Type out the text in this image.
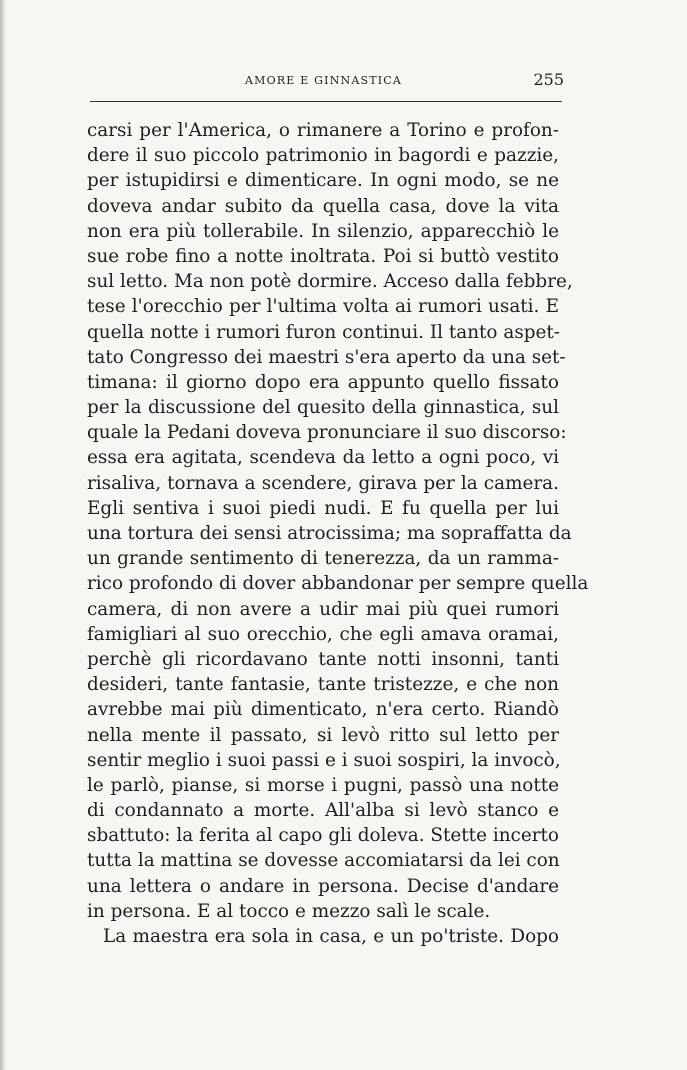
AMORE E GINNASTICA	255
carsi per l'America, o rimanere a Torino e profon-
dere il suo piccolo patrimonio in bagordi e pazzie,
per istupidirsi e dimenticare. In ogni modo, se ne
doveva andar subito da quella casa, dove la vita
non era più tollerabile. In silenzio, apparecchiò le
sue robe fino a notte inoltrata. Poi si buttò vestito
sul letto. Ma non potè dormire. Acceso dalla febbre,
tese l'orecchio per l'ultima volta ai rumori usati. E
quella notte i rumori furon continui. Il tanto aspet-
tato Congresso dei maestri s'era aperto da una set-
timana: il giorno dopo era appunto quello fissato
per la discussione del quesito della ginnastica, sul
quale la Pedani doveva pronunciare il suo discorso:
essa era agitata, scendeva da letto a ogni poco, vi
risaliva, tornava a scendere, girava per la camera.
Egli sentiva i suoi piedi nudi. E fu quella per lui
una tortura dei sensi atrocissima; ma sopraffatta da
un grande sentimento di tenerezza, da un ramma-
rico profondo di dover abbandonar per sempre quella
camera, di non avere a udir mai più quei rumori
famigliari al suo orecchio, che egli amava oramai,
perchè gli ricordavano tante notti insonni, tanti
desideri, tante fantasie, tante tristezze, e che non
avrebbe mai più dimenticato, n'era certo. Riandò
nella mente il passato, si levò ritto sul letto per
sentir meglio i suoi passi e i suoi sospiri, la invocò,
le parlò, pianse, si morse i pugni, passò una notte
di condannato a morte. All'alba si levò stanco e
sbattuto: la ferita al capo gli doleva. Stette incerto
tutta la mattina se dovesse accomiatarsi da lei con
una lettera o andare in persona. Decise d'andare
in persona. E al tocco e mezzo salì le scale.
La maestra era sola in casa, e un po'triste. Dopo
